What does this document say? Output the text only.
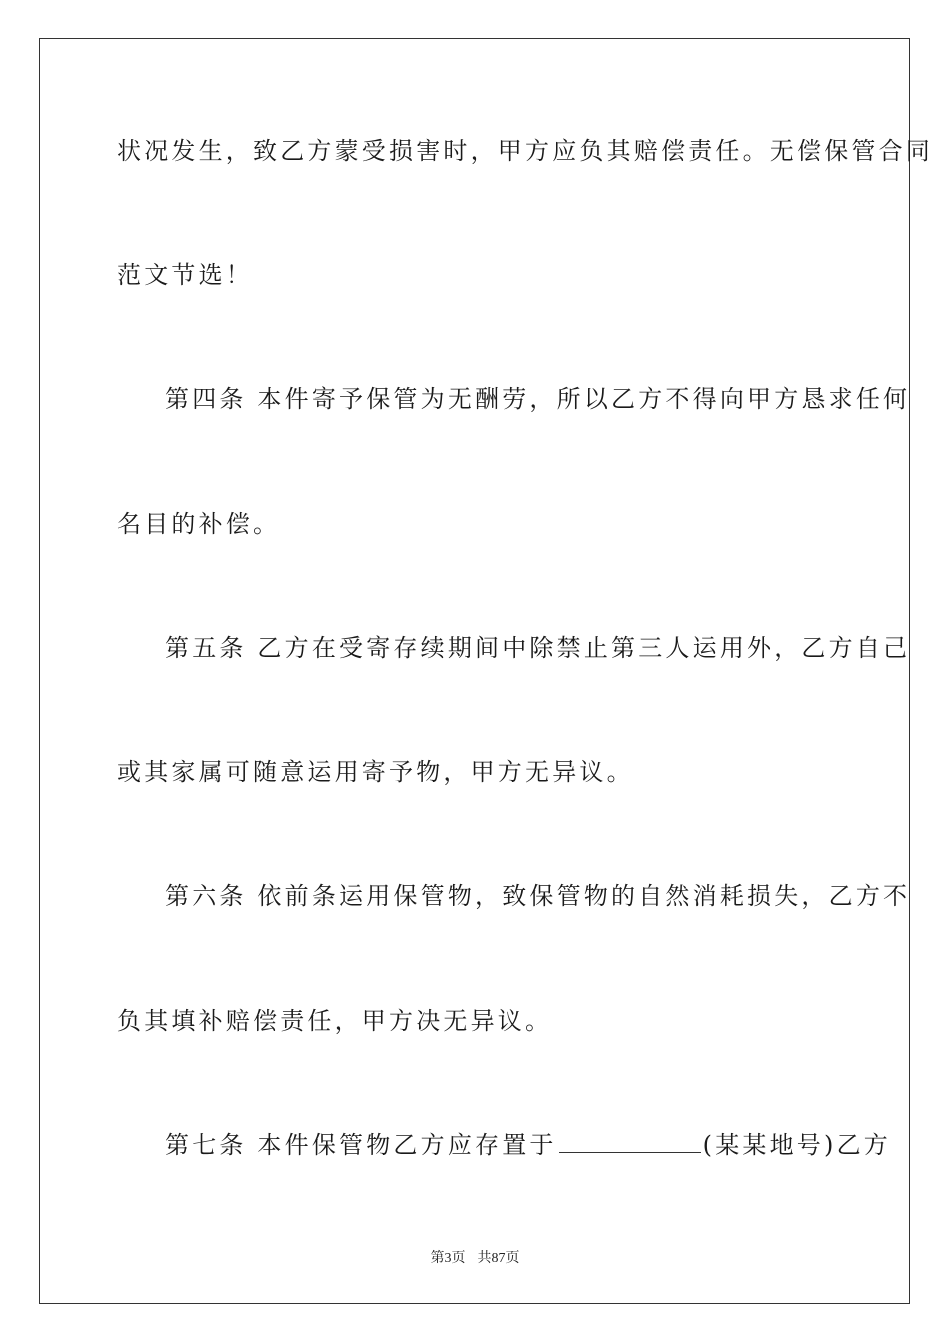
状况发生，致乙方蒙受损害时，甲方应负其赔偿责任。无偿保管合同
范文节选！
第四条 本件寄予保管为无酬劳，所以乙方不得向甲方恳求任何
名目的补偿。
第五条 乙方在受寄存续期间中除禁止第三人运用外，乙方自己
或其家属可随意运用寄予物，甲方无异议。
第六条 依前条运用保管物，致保管物的自然消耗损失，乙方不
负其填补赔偿责任，甲方决无异议。
第七条 本件保管物乙方应存置于	(某某地号)乙方
第3页 共87页
